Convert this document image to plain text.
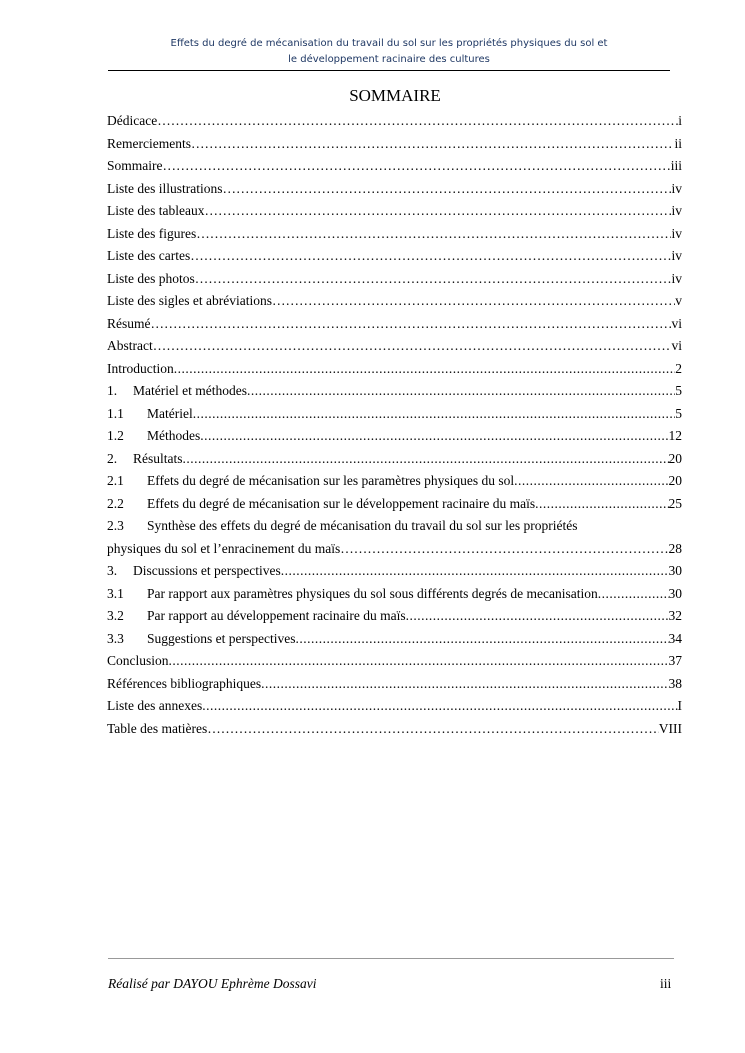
Effets du degré de mécanisation du travail du sol sur les propriétés physiques du sol et
le développement racinaire des cultures
SOMMAIRE
Dédicace …………………………………………………………………………………………………………………………………………………………………………	i
Remerciements …………………………………………………………………………………………………………………………………………………………………………	ii
Sommaire …………………………………………………………………………………………………………………………………………………………………………	iii
Liste des illustrations …………………………………………………………………………………………………………………………………………………………………………	iv
Liste des tableaux …………………………………………………………………………………………………………………………………………………………………………	iv
Liste des figures …………………………………………………………………………………………………………………………………………………………………………	iv
Liste des cartes …………………………………………………………………………………………………………………………………………………………………………	iv
Liste des photos …………………………………………………………………………………………………………………………………………………………………………	iv
Liste des sigles et abréviations …………………………………………………………………………………………………………………………………………………………………………	v
Résumé …………………………………………………………………………………………………………………………………………………………………………	vi
Abstract …………………………………………………………………………………………………………………………………………………………………………	vi
Introduction .....	2
1.	Matériel et méthodes .....	5
1.1	Matériel .....	5
1.2	Méthodes .....	12
2.	Résultats .....	20
2.1	Effets du degré de mécanisation sur les paramètres physiques du sol .....	20
2.2	Effets du degré de mécanisation sur le développement racinaire du maïs .....	25
2.3 Synthèse des effets du degré de mécanisation du travail du sol sur les propriétés
physiques du sol et l’enracinement du maïs …………………………………………………………………………………………………………………………………………………………………………	28
3.	Discussions et perspectives .....	30
3.1	Par rapport aux paramètres physiques du sol sous différents degrés de mecanisation .....	30
3.2	Par rapport au développement racinaire du maïs .....	32
3.3	Suggestions et perspectives .....	34
Conclusion .....	37
Références bibliographiques .....	38
Liste des annexes .....	I
Table des matières …………………………………………………………………………………………………………………………………………………………………………	VIII
Réalisé par DAYOU Ephrème Dossavi	iii
